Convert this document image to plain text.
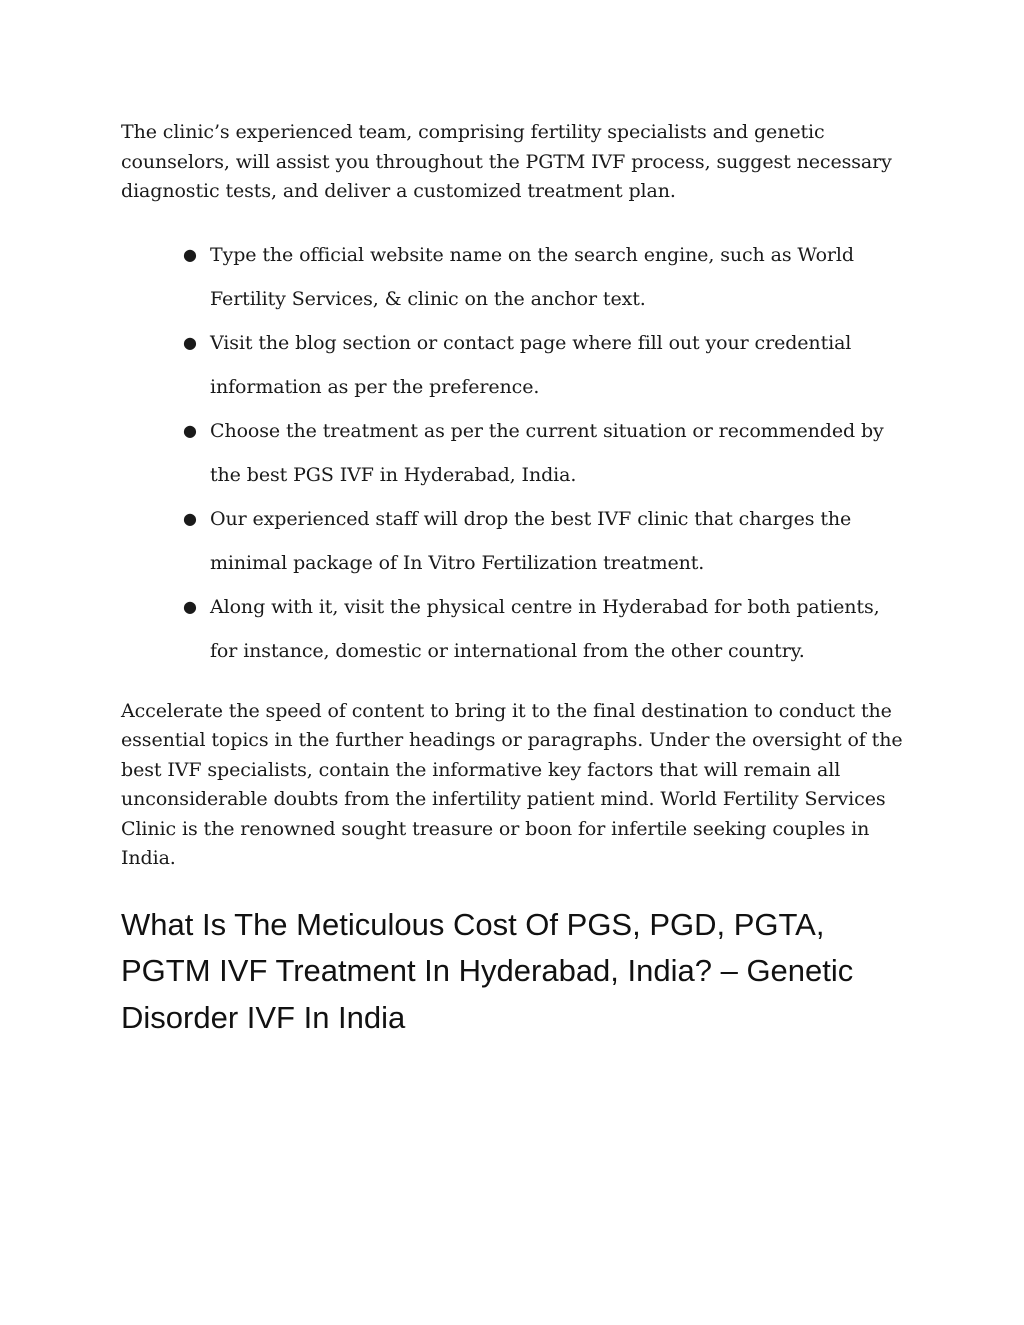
The clinic’s experienced team, comprising fertility specialists and genetic counselors, will assist you throughout the PGTM IVF process, suggest necessary diagnostic tests, and deliver a customized treatment plan.

● Type the official website name on the search engine, such as World Fertility Services, & clinic on the anchor text.
● Visit the blog section or contact page where fill out your credential information as per the preference.
● Choose the treatment as per the current situation or recommended by the best PGS IVF in Hyderabad, India.
● Our experienced staff will drop the best IVF clinic that charges the minimal package of In Vitro Fertilization treatment.
● Along with it, visit the physical centre in Hyderabad for both patients, for instance, domestic or international from the other country.

Accelerate the speed of content to bring it to the final destination to conduct the essential topics in the further headings or paragraphs. Under the oversight of the best IVF specialists, contain the informative key factors that will remain all unconsiderable doubts from the infertility patient mind. World Fertility Services Clinic is the renowned sought treasure or boon for infertile seeking couples in India.

What Is The Meticulous Cost Of PGS, PGD, PGTA, PGTM IVF Treatment In Hyderabad, India? – Genetic Disorder IVF In India
